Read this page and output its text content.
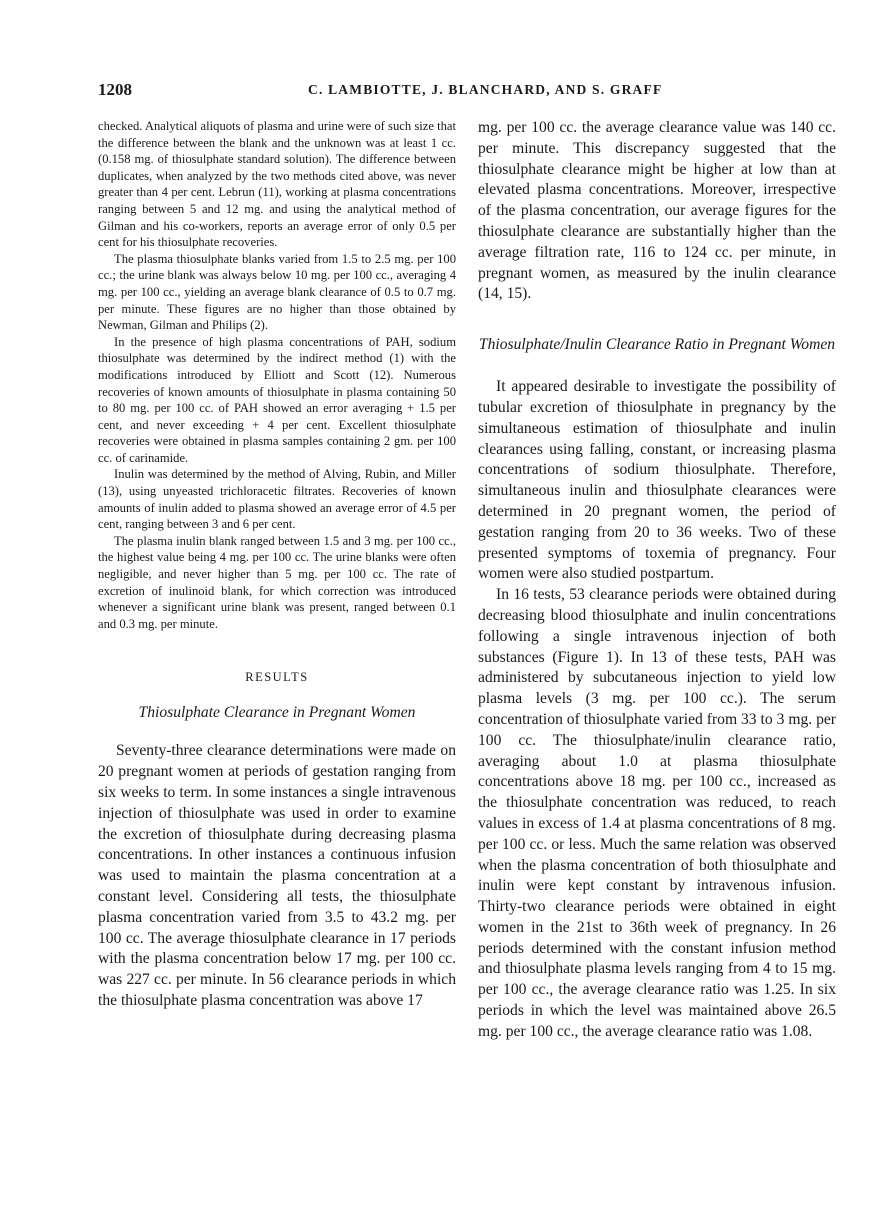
1208	C. LAMBIOTTE, J. BLANCHARD, AND S. GRAFF

checked. Analytical aliquots of plasma and urine were of such size that the difference between the blank and the unknown was at least 1 cc. (0.158 mg. of thiosulphate standard solution). The difference between duplicates, when analyzed by the two methods cited above, was never greater than 4 per cent. Lebrun (11), working at plasma concentrations ranging between 5 and 12 mg. and using the analytical method of Gilman and his co-workers, reports an average error of only 0.5 per cent for his thiosulphate recoveries.

The plasma thiosulphate blanks varied from 1.5 to 2.5 mg. per 100 cc.; the urine blank was always below 10 mg. per 100 cc., averaging 4 mg. per 100 cc., yielding an average blank clearance of 0.5 to 0.7 mg. per minute. These figures are no higher than those obtained by Newman, Gilman and Philips (2).

In the presence of high plasma concentrations of PAH, sodium thiosulphate was determined by the indirect method (1) with the modifications introduced by Elliott and Scott (12). Numerous recoveries of known amounts of thiosulphate in plasma containing 50 to 80 mg. per 100 cc. of PAH showed an error averaging + 1.5 per cent, and never exceeding + 4 per cent. Excellent thiosulphate recoveries were obtained in plasma samples containing 2 gm. per 100 cc. of carinamide.

Inulin was determined by the method of Alving, Rubin, and Miller (13), using unyeasted trichloracetic filtrates. Recoveries of known amounts of inulin added to plasma showed an average error of 4.5 per cent, ranging between 3 and 6 per cent.

The plasma inulin blank ranged between 1.5 and 3 mg. per 100 cc., the highest value being 4 mg. per 100 cc. The urine blanks were often negligible, and never higher than 5 mg. per 100 cc. The rate of excretion of inulinoid blank, for which correction was introduced whenever a significant urine blank was present, ranged between 0.1 and 0.3 mg. per minute.

RESULTS
Thiosulphate Clearance in Pregnant Women

Seventy-three clearance determinations were made on 20 pregnant women at periods of gestation ranging from six weeks to term. In some instances a single intravenous injection of thiosulphate was used in order to examine the excretion of thiosulphate during decreasing plasma concentrations. In other instances a continuous infusion was used to maintain the plasma concentration at a constant level. Considering all tests, the thiosulphate plasma concentration varied from 3.5 to 43.2 mg. per 100 cc. The average thiosulphate clearance in 17 periods with the plasma concentration below 17 mg. per 100 cc. was 227 cc. per minute. In 56 clearance periods in which the thiosulphate plasma concentration was above 17

mg. per 100 cc. the average clearance value was 140 cc. per minute. This discrepancy suggested that the thiosulphate clearance might be higher at low than at elevated plasma concentrations. Moreover, irrespective of the plasma concentration, our average figures for the thiosulphate clearance are substantially higher than the average filtration rate, 116 to 124 cc. per minute, in pregnant women, as measured by the inulin clearance (14, 15).

Thiosulphate/Inulin Clearance Ratio in Pregnant Women

It appeared desirable to investigate the possibility of tubular excretion of thiosulphate in pregnancy by the simultaneous estimation of thiosulphate and inulin clearances using falling, constant, or increasing plasma concentrations of sodium thiosulphate. Therefore, simultaneous inulin and thiosulphate clearances were determined in 20 pregnant women, the period of gestation ranging from 20 to 36 weeks. Two of these presented symptoms of toxemia of pregnancy. Four women were also studied postpartum.

In 16 tests, 53 clearance periods were obtained during decreasing blood thiosulphate and inulin concentrations following a single intravenous injection of both substances (Figure 1). In 13 of these tests, PAH was administered by subcutaneous injection to yield low plasma levels (3 mg. per 100 cc.). The serum concentration of thiosulphate varied from 33 to 3 mg. per 100 cc. The thiosulphate/inulin clearance ratio, averaging about 1.0 at plasma thiosulphate concentrations above 18 mg. per 100 cc., increased as the thiosulphate concentration was reduced, to reach values in excess of 1.4 at plasma concentrations of 8 mg. per 100 cc. or less. Much the same relation was observed when the plasma concentration of both thiosulphate and inulin were kept constant by intravenous infusion. Thirty-two clearance periods were obtained in eight women in the 21st to 36th week of pregnancy. In 26 periods determined with the constant infusion method and thiosulphate plasma levels ranging from 4 to 15 mg. per 100 cc., the average clearance ratio was 1.25. In six periods in which the level was maintained above 26.5 mg. per 100 cc., the average clearance ratio was 1.08.
